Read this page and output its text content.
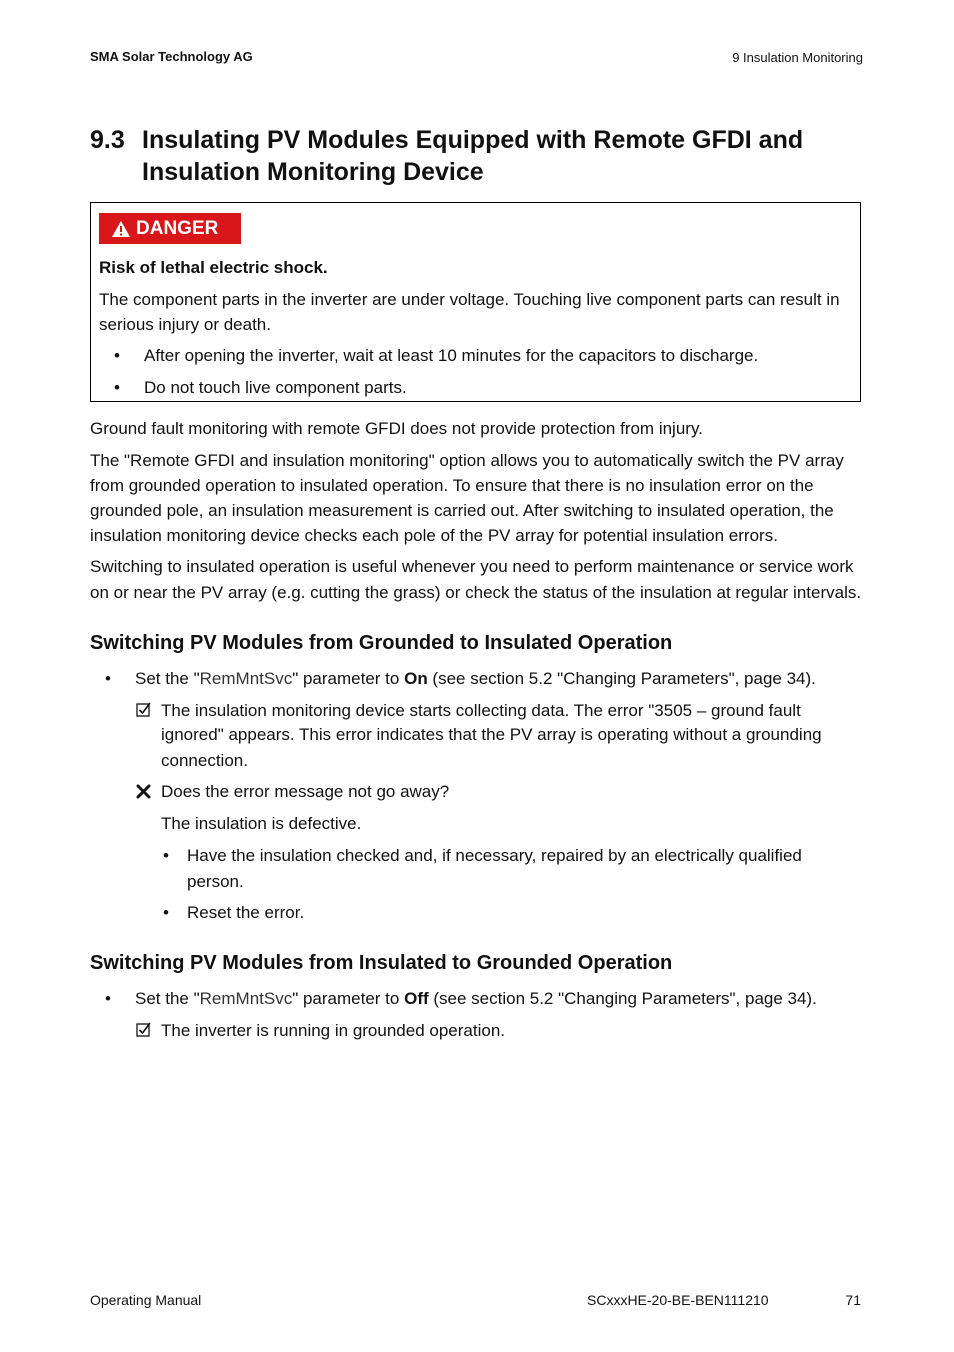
SMA Solar Technology AG	9 Insulation Monitoring
9.3 Insulating PV Modules Equipped with Remote GFDI and
Insulation Monitoring Device
DANGER
Risk of lethal electric shock.
The component parts in the inverter are under voltage. Touching live component parts can result in
serious injury or death.
• After opening the inverter, wait at least 10 minutes for the capacitors to discharge.
• Do not touch live component parts.
Ground fault monitoring with remote GFDI does not provide protection from injury.
The "Remote GFDI and insulation monitoring" option allows you to automatically switch the PV array
from grounded operation to insulated operation. To ensure that there is no insulation error on the
grounded pole, an insulation measurement is carried out. After switching to insulated operation, the
insulation monitoring device checks each pole of the PV array for potential insulation errors.
Switching to insulated operation is useful whenever you need to perform maintenance or service work
on or near the PV array (e.g. cutting the grass) or check the status of the insulation at regular intervals.
Switching PV Modules from Grounded to Insulated Operation
• Set the "RemMntSvc" parameter to On (see section 5.2 "Changing Parameters", page 34).
The insulation monitoring device starts collecting data. The error "3505 – ground fault
ignored" appears. This error indicates that the PV array is operating without a grounding
connection.
Does the error message not go away?
The insulation is defective.
• Have the insulation checked and, if necessary, repaired by an electrically qualified
person.
• Reset the error.
Switching PV Modules from Insulated to Grounded Operation
• Set the "RemMntSvc" parameter to Off (see section 5.2 "Changing Parameters", page 34).
The inverter is running in grounded operation.
Operating Manual	SCxxxHE-20-BE-BEN111210	71
